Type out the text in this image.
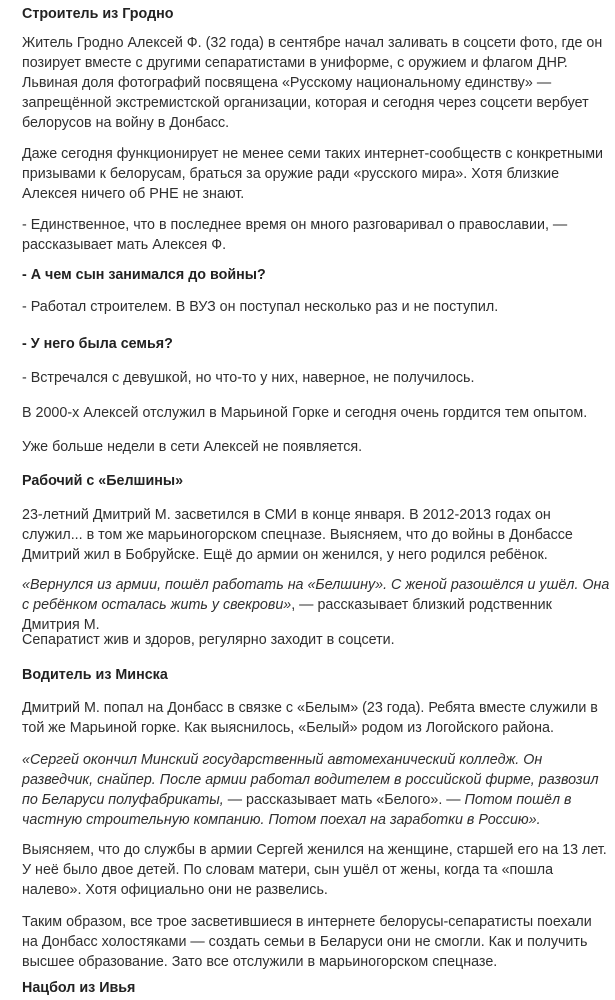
Строитель из Гродно

Житель Гродно Алексей Ф. (32 года) в сентябре начал заливать в соцсети фото, где он позирует вместе с другими сепаратистами в униформе, с оружием и флагом ДНР. Львиная доля фотографий посвящена «Русскому национальному единству» — запрещённой экстремистской организации, которая и сегодня через соцсети вербует белорусов на войну в Донбасс.

Даже сегодня функционирует не менее семи таких интернет-сообществ с конкретными призывами к белорусам, браться за оружие ради «русского мира». Хотя близкие Алексея ничего об РНЕ не знают.

- Единственное, что в последнее время он много разговаривал о православии, — рассказывает мать Алексея Ф.

- А чем сын занимался до войны?

- Работал строителем. В ВУЗ он поступал несколько раз и не поступил.

- У него была семья?

- Встречался с девушкой, но что-то у них, наверное, не получилось.

В 2000-х Алексей отслужил в Марьиной Горке и сегодня очень гордится тем опытом.

Уже больше недели в сети Алексей не появляется.

Рабочий с «Белшины»

23-летний Дмитрий М. засветился в СМИ в конце января. В 2012-2013 годах он служил... в том же марьиногорском спецназе. Выясняем, что до войны в Донбассе Дмитрий жил в Бобруйске. Ещё до армии он женился, у него родился ребёнок.

«Вернулся из армии, пошёл работать на «Белшину». С женой разошёлся и ушёл. Она с ребёнком осталась жить у свекрови», — рассказывает близкий родственник Дмитрия М.

Сепаратист жив и здоров, регулярно заходит в соцсети.

Водитель из Минска

Дмитрий М. попал на Донбасс в связке с «Белым» (23 года). Ребята вместе служили в той же Марьиной горке. Как выяснилось, «Белый» родом из Логойского района.

«Сергей окончил Минский государственный автомеханический колледж. Он разведчик, снайпер. После армии работал водителем в российской фирме, развозил по Беларуси полуфабрикаты, — рассказывает мать «Белого». — Потом пошёл в частную строительную компанию. Потом поехал на заработки в Россию».

Выясняем, что до службы в армии Сергей женился на женщине, старшей его на 13 лет. У неё было двое детей. По словам матери, сын ушёл от жены, когда та «пошла налево». Хотя официально они не развелись.

Таким образом, все трое засветившиеся в интернете белорусы-сепаратисты поехали на Донбасс холостяками — создать семьи в Беларуси они не смогли. Как и получить высшее образование. Зато все отслужили в марьиногорском спецназе.

Нацбол из Ивья
